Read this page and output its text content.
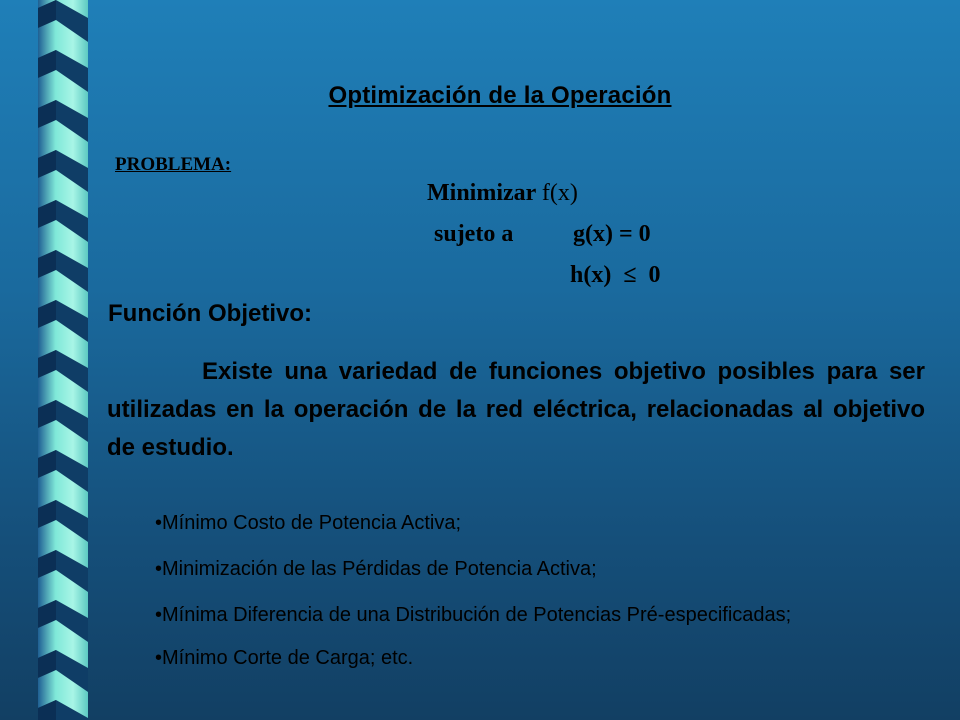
Optimización de la Operación
PROBLEMA:
Minimizar f(x)
sujeto a g(x) = 0
h(x)  ≤  0
Función Objetivo:
Existe una variedad de funciones objetivo posibles para ser utilizadas en la operación de la red eléctrica, relacionadas al objetivo de estudio.
•Mínimo Costo de Potencia Activa;
•Minimización de las Pérdidas de Potencia Activa;
•Mínima Diferencia de una Distribución de Potencias Pré-especificadas;
•Mínimo Corte de Carga; etc.
